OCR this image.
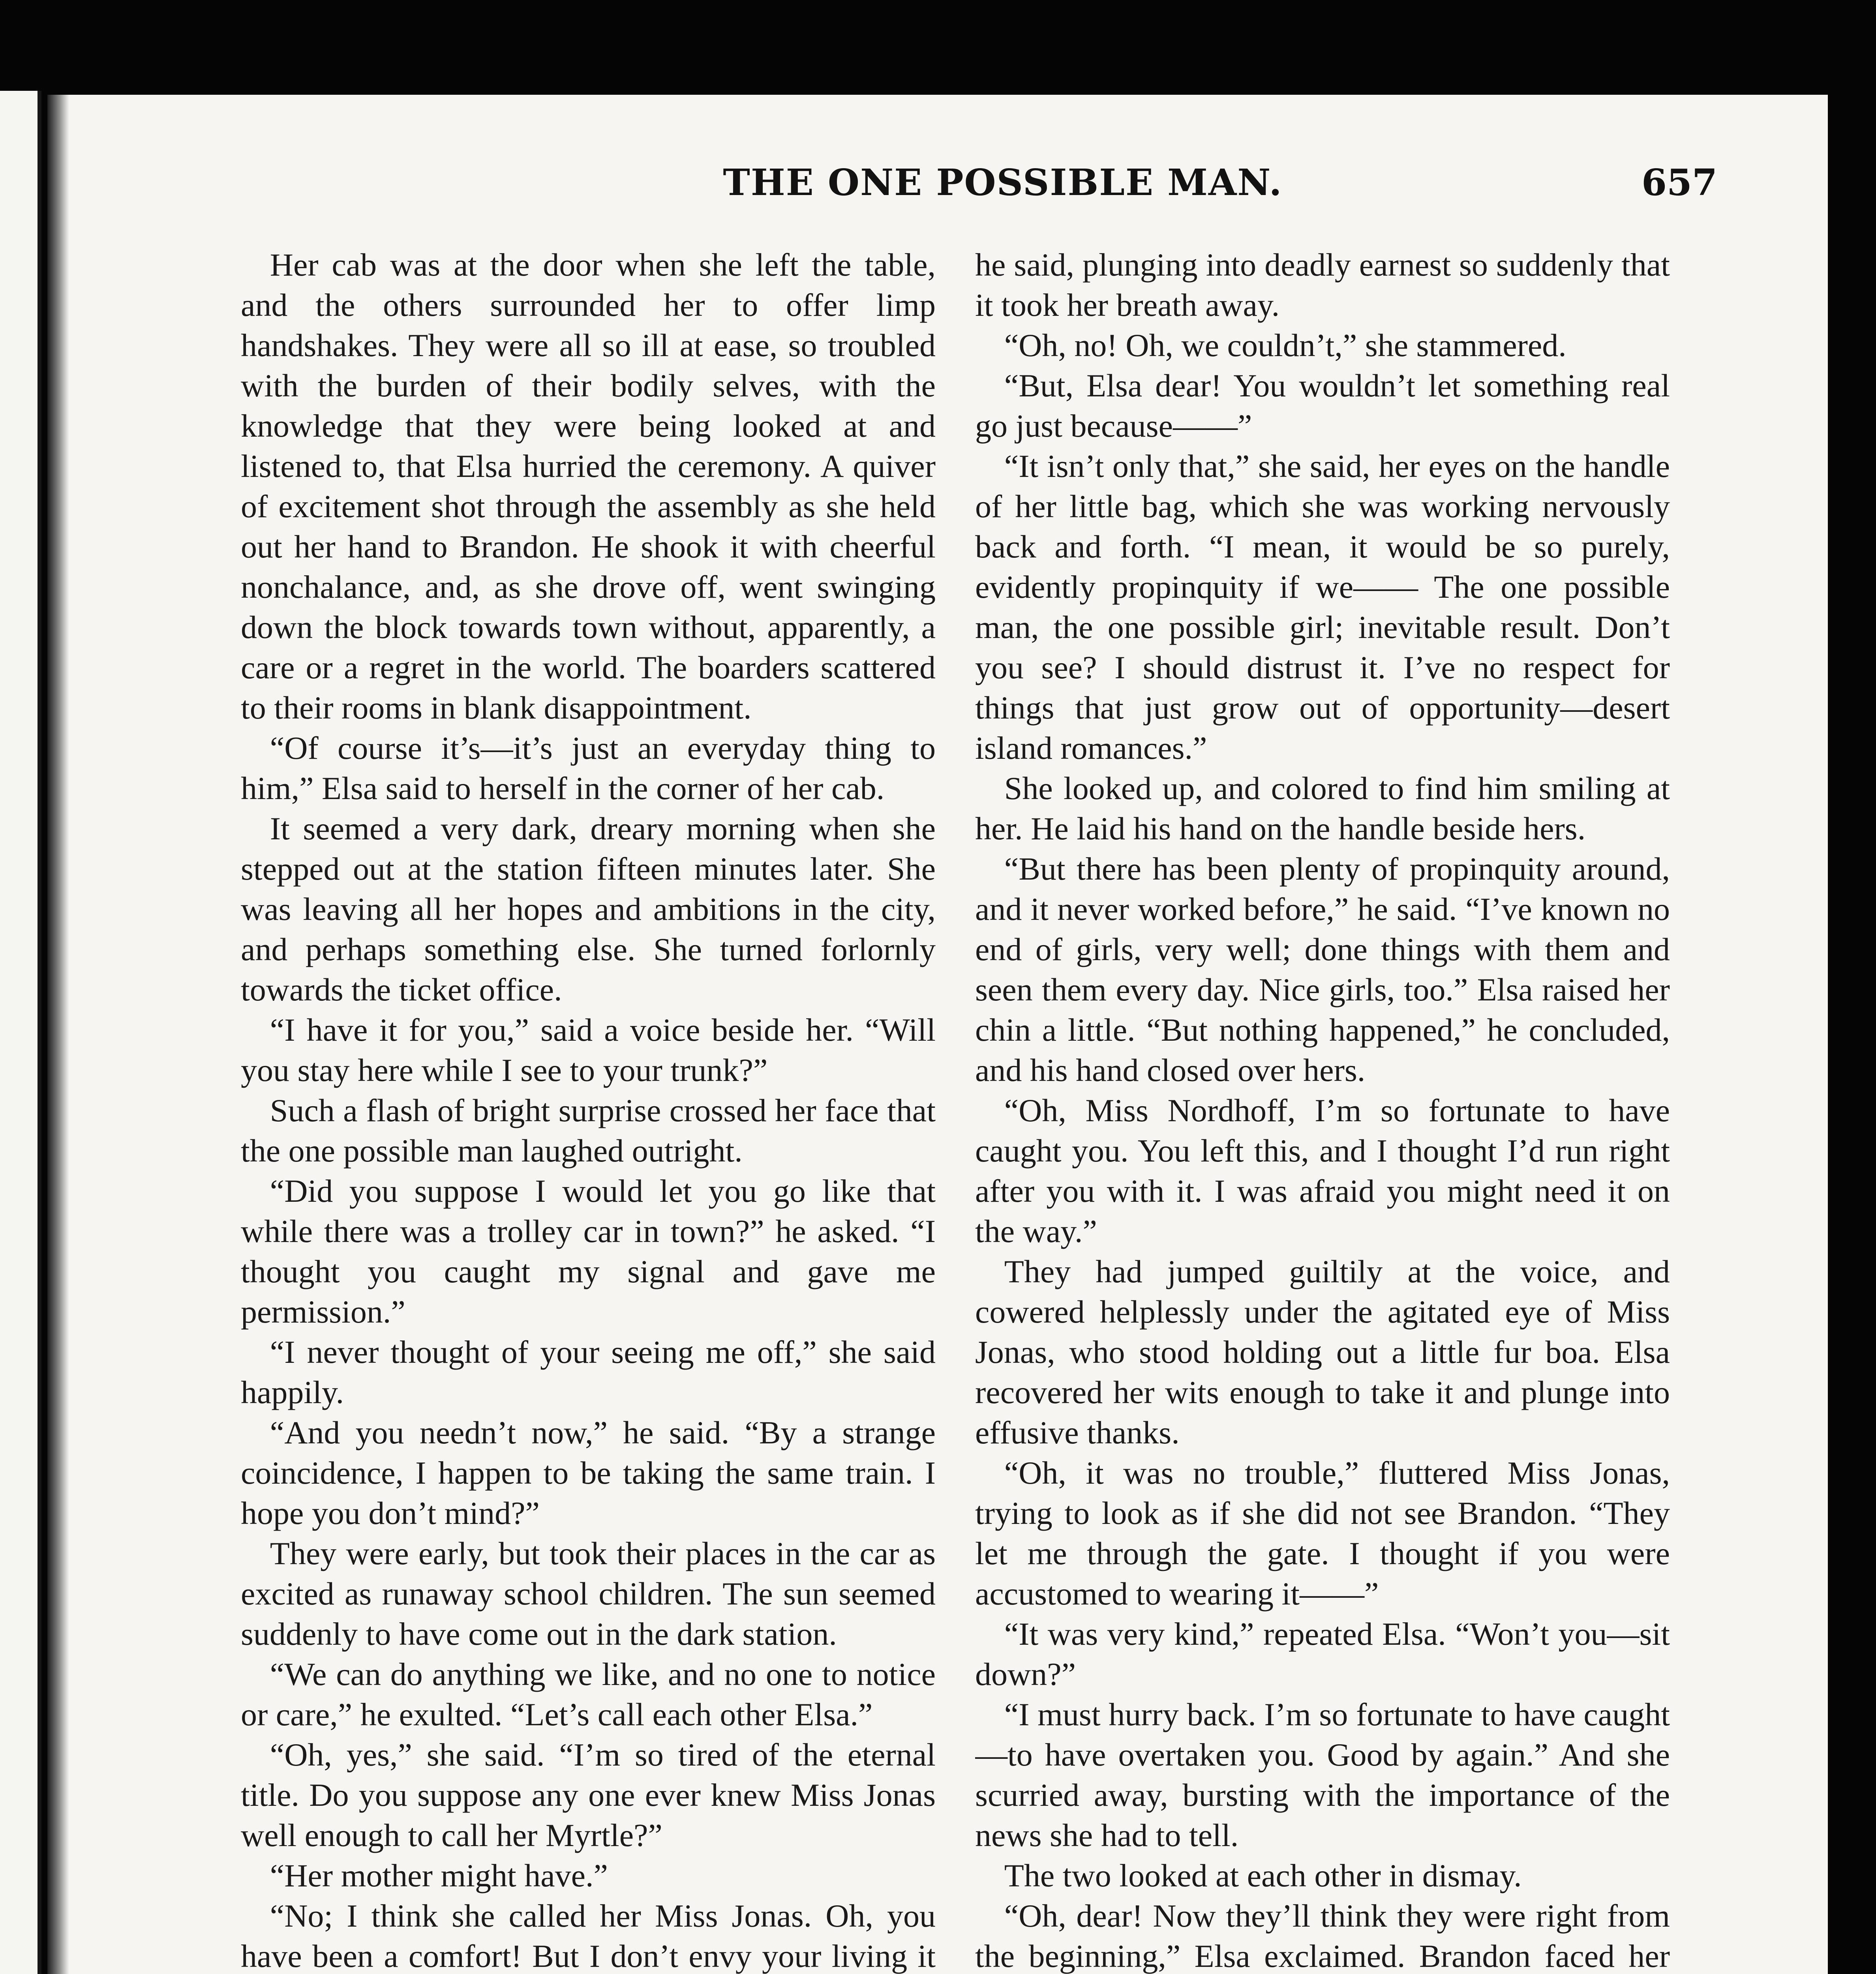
THE ONE POSSIBLE MAN.	657

Her cab was at the door when she left the table, and the others surrounded her to offer limp handshakes. They were all so ill at ease, so troubled with the burden of their bodily selves, with the knowledge that they were being looked at and listened to, that Elsa hurried the ceremony. A quiver of excitement shot through the assembly as she held out her hand to Brandon. He shook it with cheerful nonchalance, and, as she drove off, went swinging down the block towards town without, apparently, a care or a regret in the world. The boarders scattered to their rooms in blank disappointment.

“Of course it’s—it’s just an everyday thing to him,” Elsa said to herself in the corner of her cab.

It seemed a very dark, dreary morning when she stepped out at the station fifteen minutes later. She was leaving all her hopes and ambitions in the city, and perhaps something else. She turned forlornly towards the ticket office.

“I have it for you,” said a voice beside her. “Will you stay here while I see to your trunk?”

Such a flash of bright surprise crossed her face that the one possible man laughed outright.

“Did you suppose I would let you go like that while there was a trolley car in town?” he asked. “I thought you caught my signal and gave me permission.”

“I never thought of your seeing me off,” she said happily.

“And you needn’t now,” he said. “By a strange coincidence, I happen to be taking the same train. I hope you don’t mind?”

They were early, but took their places in the car as excited as runaway school children. The sun seemed suddenly to have come out in the dark station.

“We can do anything we like, and no one to notice or care,” he exulted. “Let’s call each other Elsa.”

“Oh, yes,” she said. “I’m so tired of the eternal title. Do you suppose any one ever knew Miss Jonas well enough to call her Myrtle?”

“Her mother might have.”

“No; I think she called her Miss Jonas. Oh, you have been a comfort! But I don’t envy your living it

he said, plunging into deadly earnest so suddenly that it took her breath away.

“Oh, no! Oh, we couldn’t,” she stammered.

“But, Elsa dear! You wouldn’t let something real go just because——”

“It isn’t only that,” she said, her eyes on the handle of her little bag, which she was working nervously back and forth. “I mean, it would be so purely, evidently propinquity if we—— The one possible man, the one possible girl; inevitable result. Don’t you see? I should distrust it. I’ve no respect for things that just grow out of opportunity—desert island romances.”

She looked up, and colored to find him smiling at her. He laid his hand on the handle beside hers.

“But there has been plenty of propinquity around, and it never worked before,” he said. “I’ve known no end of girls, very well; done things with them and seen them every day. Nice girls, too.” Elsa raised her chin a little. “But nothing happened,” he concluded, and his hand closed over hers.

“Oh, Miss Nordhoff, I’m so fortunate to have caught you. You left this, and I thought I’d run right after you with it. I was afraid you might need it on the way.”

They had jumped guiltily at the voice, and cowered helplessly under the agitated eye of Miss Jonas, who stood holding out a little fur boa. Elsa recovered her wits enough to take it and plunge into effusive thanks.

“Oh, it was no trouble,” fluttered Miss Jonas, trying to look as if she did not see Brandon. “They let me through the gate. I thought if you were accustomed to wearing it——”

“It was very kind,” repeated Elsa. “Won’t you—sit down?”

“I must hurry back. I’m so fortunate to have caught—to have overtaken you. Good by again.” And she scurried away, bursting with the importance of the news she had to tell.

The two looked at each other in dismay.

“Oh, dear! Now they’ll think they were right from the beginning,” Elsa exclaimed. Brandon faced her
